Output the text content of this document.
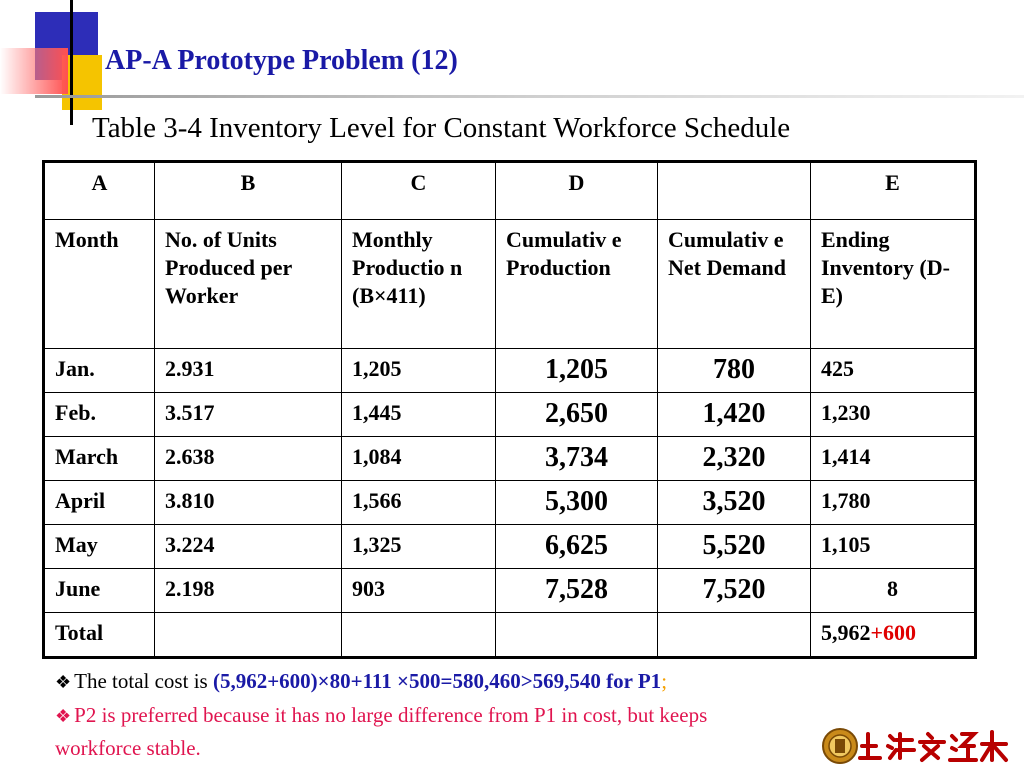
AP-A Prototype Problem (12)
Table 3-4 Inventory Level for Constant Workforce Schedule
A	B	C	D		E
Month	No. of Units Produced per Worker	Monthly Productio n (B×411)	Cumulativ e Production	Cumulativ e Net Demand	Ending Inventory (D-E)
Jan.	2.931	1,205	1,205	780	425
Feb.	3.517	1,445	2,650	1,420	1,230
March	2.638	1,084	3,734	2,320	1,414
April	3.810	1,566	5,300	3,520	1,780
May	3.224	1,325	6,625	5,520	1,105
June	2.198	903	7,528	7,520	8
Total					5,962+600
❖ The total cost is (5,962+600)×80+111 ×500=580,460>569,540 for P1;
❖ P2 is preferred because it has no large difference from P1 in cost, but keeps
workforce stable.
